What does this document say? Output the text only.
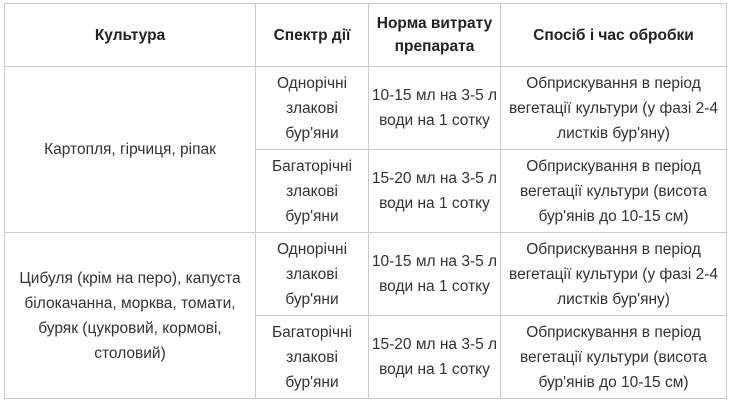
Культура	Спектр дії	Норма витрату препарата	Спосіб і час обробки
Картопля, гірчиця, ріпак	Однорічні злакові бур'яни	10-15 мл на 3-5 л води на 1 сотку	Обприскування в період вегетації культури (у фазі 2-4 листків бур'яну)
	Багаторічні злакові бур'яни	15-20 мл на 3-5 л води на 1 сотку	Обприскування в період вегетації культури (висота бур'янів до 10-15 см)
Цибуля (крім на перо), капуста білокачанна, морква, томати, буряк (цукровий, кормові, столовий)	Однорічні злакові бур'яни	10-15 мл на 3-5 л води на 1 сотку	Обприскування в період вегетації культури (у фазі 2-4 листків бур'яну)
	Багаторічні злакові бур'яни	15-20 мл на 3-5 л води на 1 сотку	Обприскування в період вегетації культури (висота бур'янів до 10-15 см)
